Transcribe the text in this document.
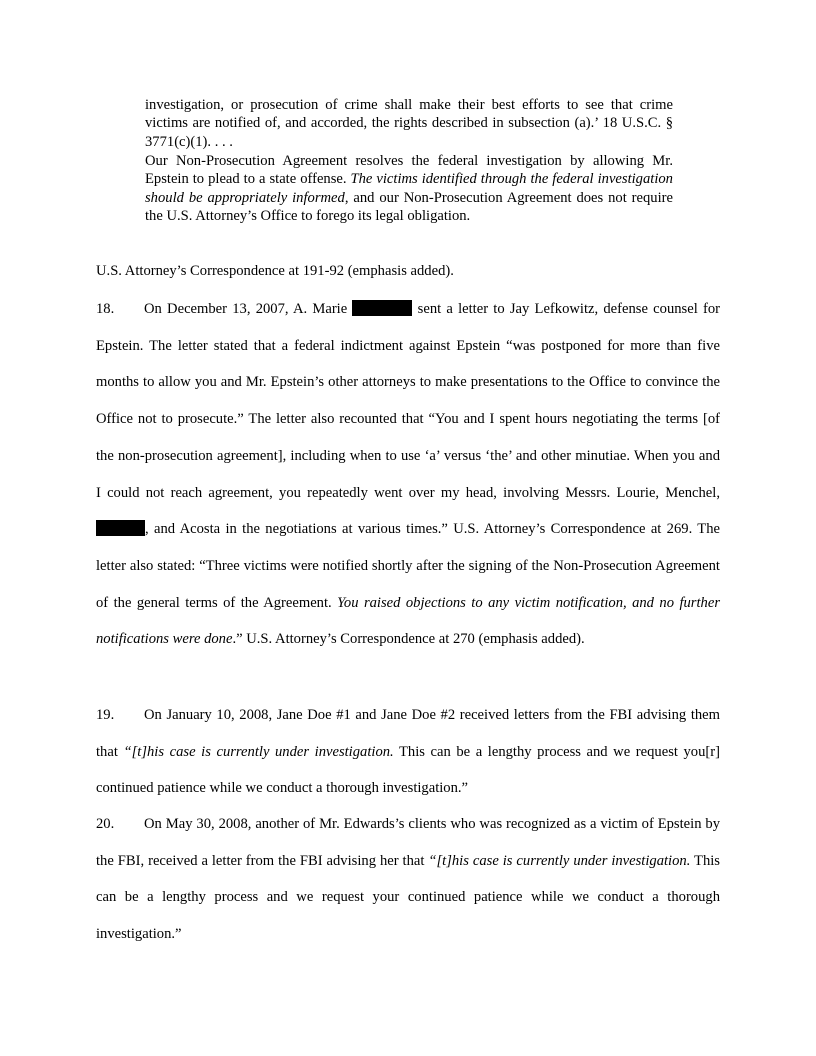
investigation, or prosecution of crime shall make their best efforts to see that crime victims are notified of, and accorded, the rights described in subsection (a).’ 18 U.S.C. § 3771(c)(1). . . .
Our Non-Prosecution Agreement resolves the federal investigation by allowing Mr. Epstein to plead to a state offense. The victims identified through the federal investigation should be appropriately informed, and our Non-Prosecution Agreement does not require the U.S. Attorney’s Office to forego its legal obligation.
U.S. Attorney’s Correspondence at 191-92 (emphasis added).
18. On December 13, 2007, A. Marie	sent a letter to Jay Lefkowitz, defense counsel for Epstein. The letter stated that a federal indictment against Epstein “was postponed for more than five months to allow you and Mr. Epstein’s other attorneys to make presentations to the Office to convince the Office not to prosecute.” The letter also recounted that “You and I spent hours negotiating the terms [of the non-prosecution agreement], including when to use ‘a’ versus ‘the’ and other minutiae. When you and I could not reach agreement, you repeatedly went over my head, involving Messrs. Lourie, Menchel, , and Acosta in the negotiations at various times.” U.S. Attorney’s Correspondence at 269. The letter also stated: “Three victims were notified shortly after the signing of the Non-Prosecution Agreement of the general terms of the Agreement. You raised objections to any victim notification, and no further notifications were done.” U.S. Attorney’s Correspondence at 270 (emphasis added).
19. On January 10, 2008, Jane Doe #1 and Jane Doe #2 received letters from the FBI advising them that “[t]his case is currently under investigation. This can be a lengthy process and we request you[r] continued patience while we conduct a thorough investigation.”
20. On May 30, 2008, another of Mr. Edwards’s clients who was recognized as a victim of Epstein by the FBI, received a letter from the FBI advising her that “[t]his case is currently under investigation. This can be a lengthy process and we request your continued patience while we conduct a thorough investigation.”
